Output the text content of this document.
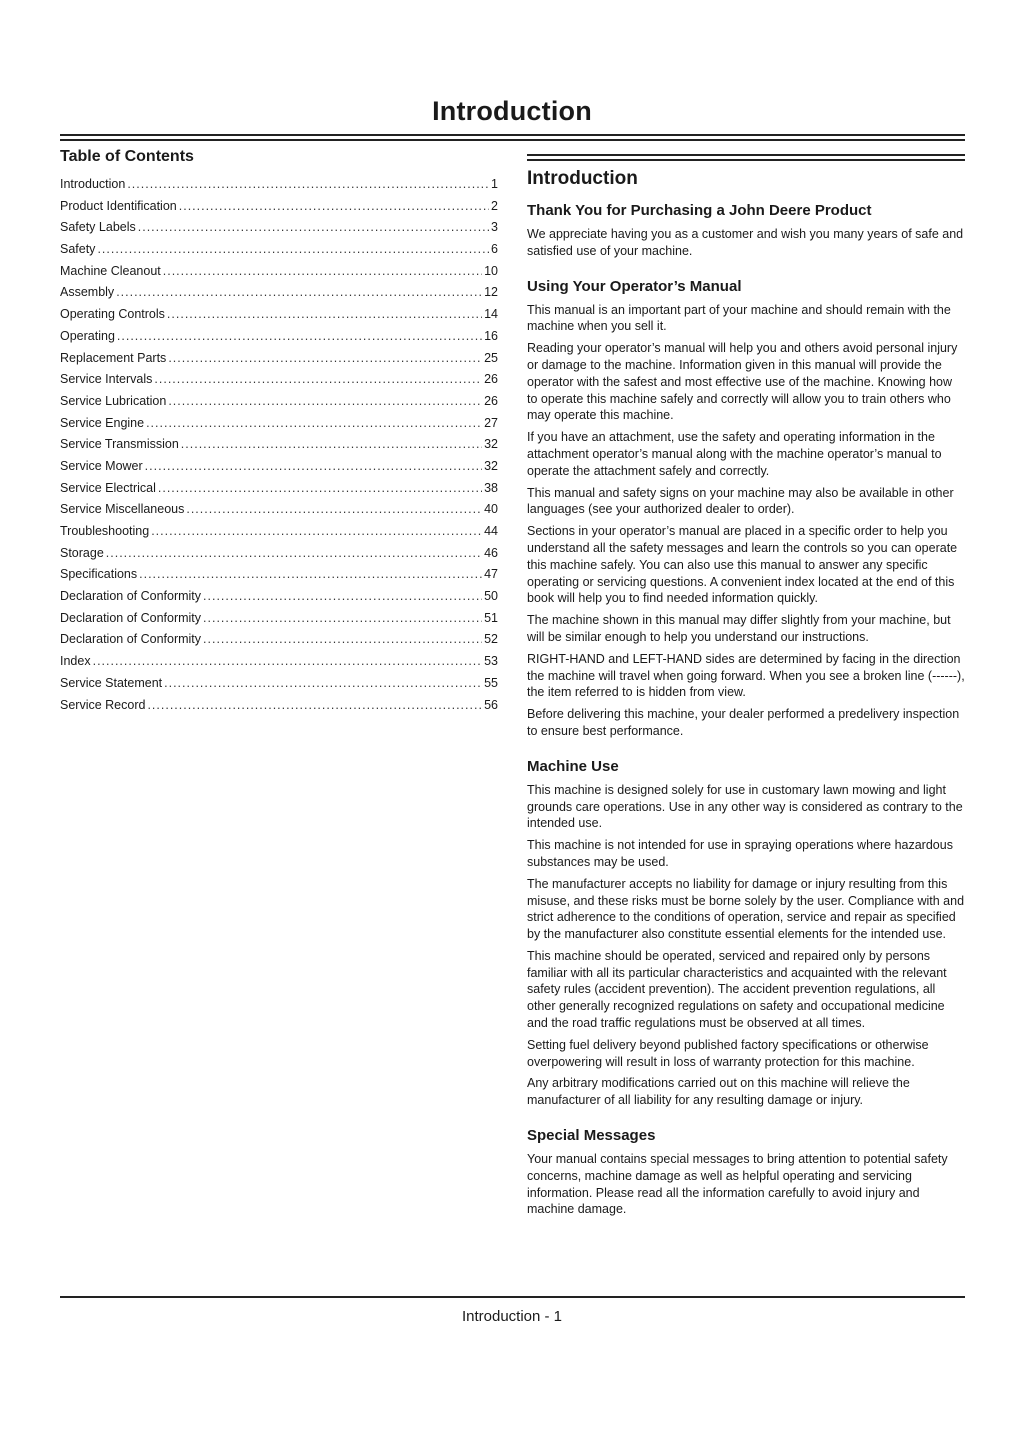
Introduction
Table of Contents
Introduction .....	1
Product Identification .....	2
Safety Labels .....	3
Safety .....	6
Machine Cleanout .....	10
Assembly .....	12
Operating Controls .....	14
Operating .....	16
Replacement Parts .....	25
Service Intervals .....	26
Service Lubrication .....	26
Service Engine .....	27
Service Transmission .....	32
Service Mower .....	32
Service Electrical .....	38
Service Miscellaneous .....	40
Troubleshooting .....	44
Storage .....	46
Specifications .....	47
Declaration of Conformity .....	50
Declaration of Conformity .....	51
Declaration of Conformity .....	52
Index .....	53
Service Statement .....	55
Service Record .....	56
Introduction
Thank You for Purchasing a John Deere Product

We appreciate having you as a customer and wish you many years of safe and satisfied use of your machine.

Using Your Operator’s Manual

This manual is an important part of your machine and should remain with the machine when you sell it.

Reading your operator’s manual will help you and others avoid personal injury or damage to the machine. Information given in this manual will provide the operator with the safest and most effective use of the machine. Knowing how to operate this machine safely and correctly will allow you to train others who may operate this machine.

If you have an attachment, use the safety and operating information in the attachment operator’s manual along with the machine operator’s manual to operate the attachment safely and correctly.

This manual and safety signs on your machine may also be available in other languages (see your authorized dealer to order).

Sections in your operator’s manual are placed in a specific order to help you understand all the safety messages and learn the controls so you can operate this machine safely. You can also use this manual to answer any specific operating or servicing questions. A convenient index located at the end of this book will help you to find needed information quickly.

The machine shown in this manual may differ slightly from your machine, but will be similar enough to help you understand our instructions.

RIGHT-HAND and LEFT-HAND sides are determined by facing in the direction the machine will travel when going forward. When you see a broken line (------), the item referred to is hidden from view.

Before delivering this machine, your dealer performed a predelivery inspection to ensure best performance.

Machine Use

This machine is designed solely for use in customary lawn mowing and light grounds care operations. Use in any other way is considered as contrary to the intended use.

This machine is not intended for use in spraying operations where hazardous substances may be used.

The manufacturer accepts no liability for damage or injury resulting from this misuse, and these risks must be borne solely by the user. Compliance with and strict adherence to the conditions of operation, service and repair as specified by the manufacturer also constitute essential elements for the intended use.

This machine should be operated, serviced and repaired only by persons familiar with all its particular characteristics and acquainted with the relevant safety rules (accident prevention). The accident prevention regulations, all other generally recognized regulations on safety and occupational medicine and the road traffic regulations must be observed at all times.

Setting fuel delivery beyond published factory specifications or otherwise overpowering will result in loss of warranty protection for this machine.

Any arbitrary modifications carried out on this machine will relieve the manufacturer of all liability for any resulting damage or injury.

Special Messages

Your manual contains special messages to bring attention to potential safety concerns, machine damage as well as helpful operating and servicing information. Please read all the information carefully to avoid injury and machine damage.

Introduction - 1
